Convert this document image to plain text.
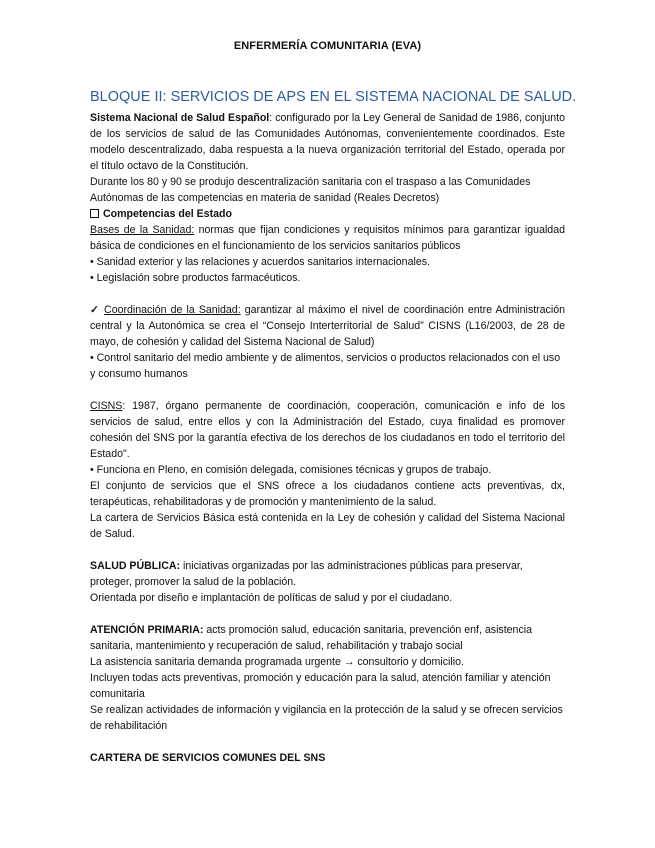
ENFERMERÍA COMUNITARIA (EVA)
BLOQUE II: SERVICIOS DE APS EN EL SISTEMA NACIONAL DE SALUD.

Sistema Nacional de Salud Español: configurado por la Ley General de Sanidad de 1986, conjunto de los servicios de salud de las Comunidades Autónomas, convenientemente coordinados. Este modelo descentralizado, daba respuesta a la nueva organización territorial del Estado, operada por el título octavo de la Constitución.

Durante los 80 y 90 se produjo descentralización sanitaria con el traspaso a las Comunidades Autónomas de las competencias en materia de sanidad (Reales Decretos)

Competencias del Estado

Bases de la Sanidad: normas que fijan condiciones y requisitos mínimos para garantizar igualdad básica de condiciones en el funcionamiento de los servicios sanitarios públicos

• Sanidad exterior y las relaciones y acuerdos sanitarios internacionales.

• Legislación sobre productos farmacéuticos.

✓ Coordinación de la Sanidad: garantizar al máximo el nivel de coordinación entre Administración central y la Autonómica se crea el “Consejo Interterritorial de Salud” CISNS (L16/2003, de 28 de mayo, de cohesión y calidad del Sistema Nacional de Salud)

• Control sanitario del medio ambiente y de alimentos, servicios o productos relacionados con el uso y consumo humanos

CISNS: 1987, órgano permanente de coordinación, cooperación, comunicación e info de los servicios de salud, entre ellos y con la Administración del Estado, cuya finalidad es promover cohesión del SNS por la garantía efectiva de los derechos de los ciudadanos en todo el territorio del Estado".

• Funciona en Pleno, en comisión delegada, comisiones técnicas y grupos de trabajo.

El conjunto de servicios que el SNS ofrece a los ciudadanos contiene acts preventivas, dx, terapéuticas, rehabilitadoras y de promoción y mantenimiento de la salud.

La cartera de Servicios Básica está contenida en la Ley de cohesión y calidad del Sistema Nacional de Salud.

SALUD PÚBLICA: iniciativas organizadas por las administraciones públicas para preservar, proteger, promover la salud de la población.

Orientada por diseño e implantación de políticas de salud y por el ciudadano.

ATENCIÓN PRIMARIA: acts promoción salud, educación sanitaria, prevención enf, asistencia sanitaria, mantenimiento y recuperación de salud, rehabilitación y trabajo social

La asistencia sanitaria demanda programada urgente → consultorio y domicilio.

Incluyen todas acts preventivas, promoción y educación para la salud, atención familiar y atención comunitaria

Se realizan actividades de información y vigilancia en la protección de la salud y se ofrecen servicios de rehabilitación

CARTERA DE SERVICIOS COMUNES DEL SNS
